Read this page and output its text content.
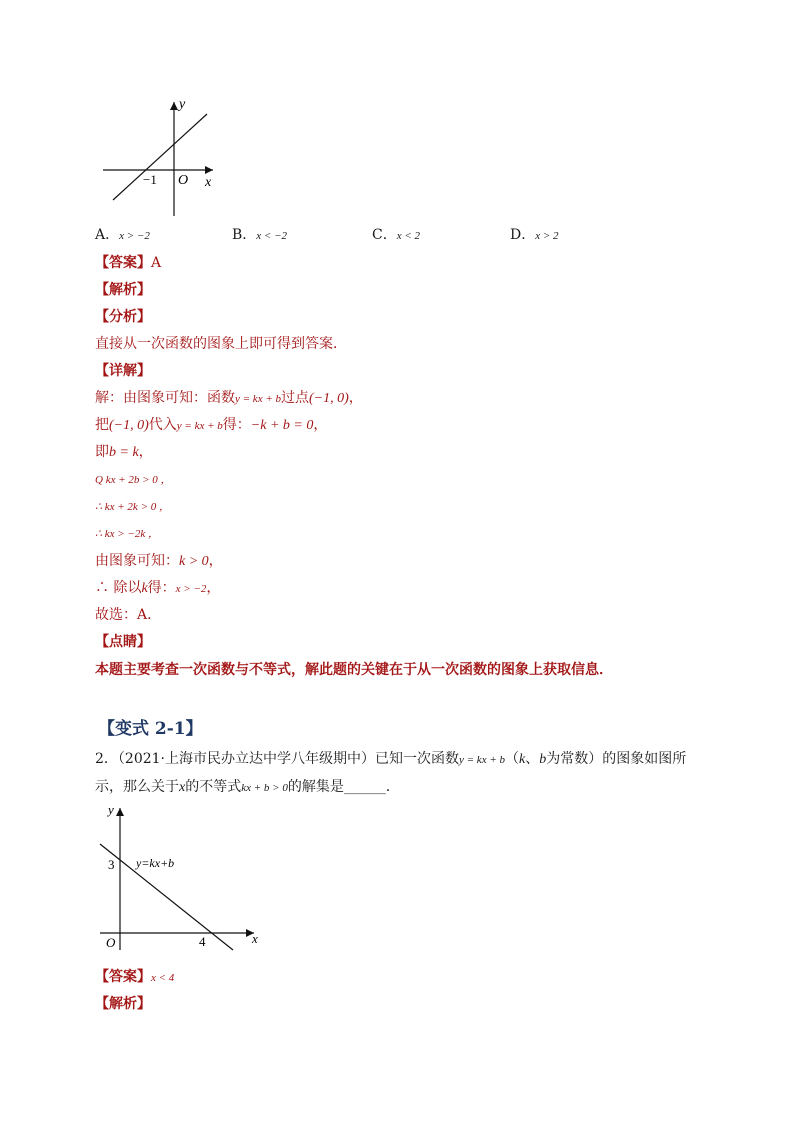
y
x
O
−1
A．x > −2	B．x < −2	C．x < 2	D．x > 2
【答案】A
【解析】
【分析】
直接从一次函数的图象上即可得到答案．
【详解】
解：由图象可知：函数y = kx + b过点(−1, 0)，
把(−1, 0)代入y = kx + b得：−k + b = 0，
即b = k，
Q kx + 2b > 0 ，
∴ kx + 2k > 0 ，
∴ kx > −2k ，
由图象可知：k > 0，
∴ 除以k得：x > −2，
故选：A．
【点睛】
本题主要考查一次函数与不等式，解此题的关键在于从一次函数的图象上获取信息．
【变式 2-1】
2．（2021·上海市民办立达中学八年级期中）已知一次函数y = kx + b（k、b为常数）的图象如图所
示，那么关于x的不等式kx + b > 0的解集是______．
y
x
O
3
4
y=kx+b
【答案】x < 4
【解析】
